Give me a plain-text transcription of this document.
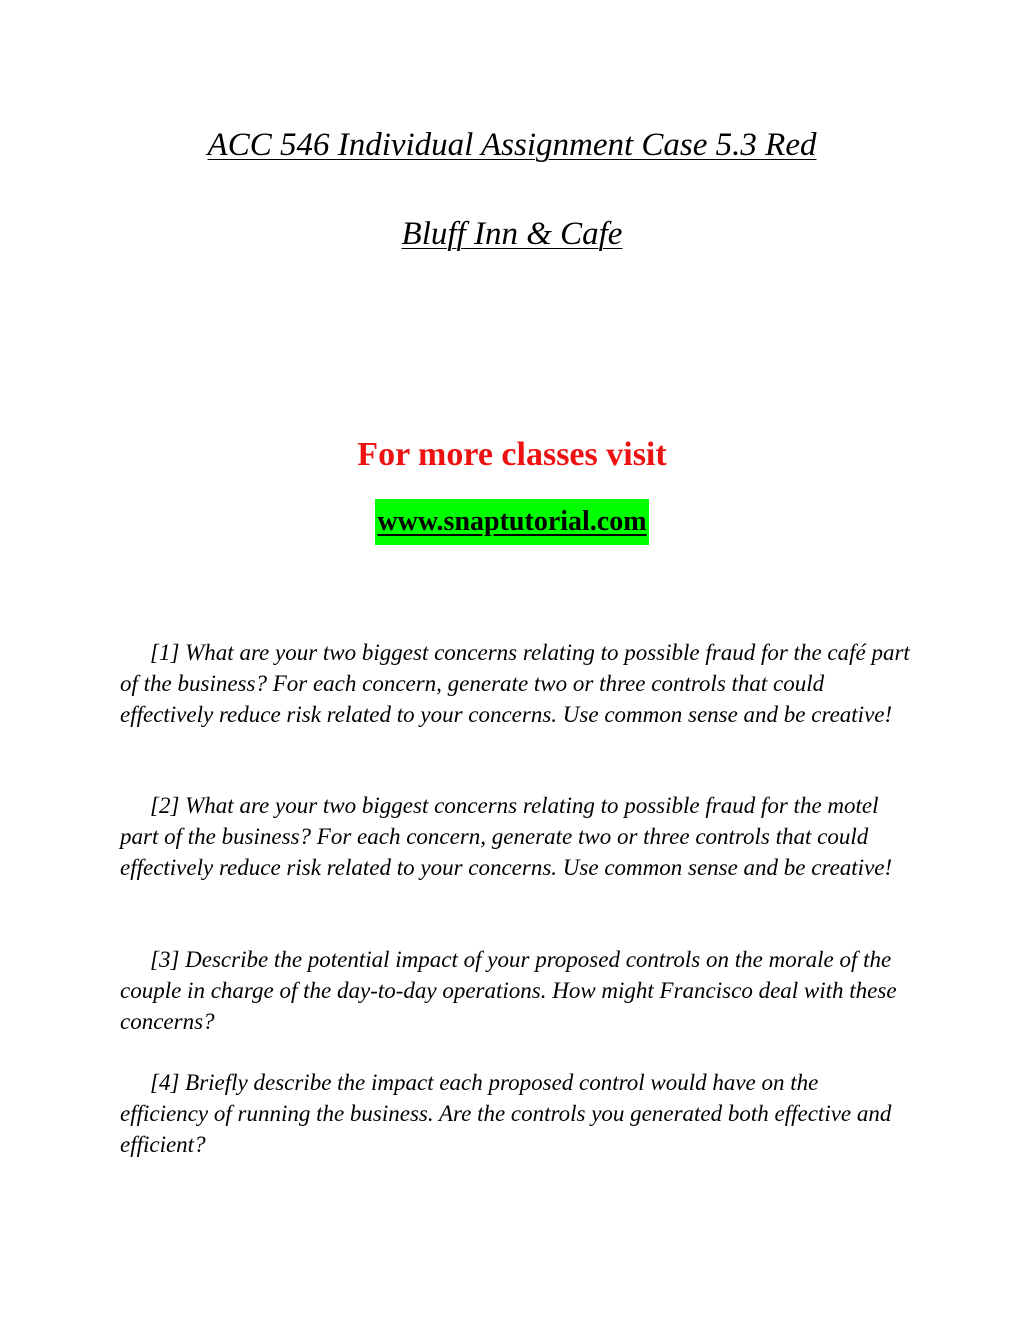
ACC 546 Individual Assignment Case 5.3 Red
Bluff Inn & Cafe
For more classes visit
www.snaptutorial.com

[1] What are your two biggest concerns relating to possible fraud for the café part of the business? For each concern, generate two or three controls that could effectively reduce risk related to your concerns. Use common sense and be creative!

[2] What are your two biggest concerns relating to possible fraud for the motel part of the business? For each concern, generate two or three controls that could effectively reduce risk related to your concerns. Use common sense and be creative!

[3] Describe the potential impact of your proposed controls on the morale of the couple in charge of the day-to-day operations. How might Francisco deal with these concerns?

[4] Briefly describe the impact each proposed control would have on the efficiency of running the business. Are the controls you generated both effective and efficient?
